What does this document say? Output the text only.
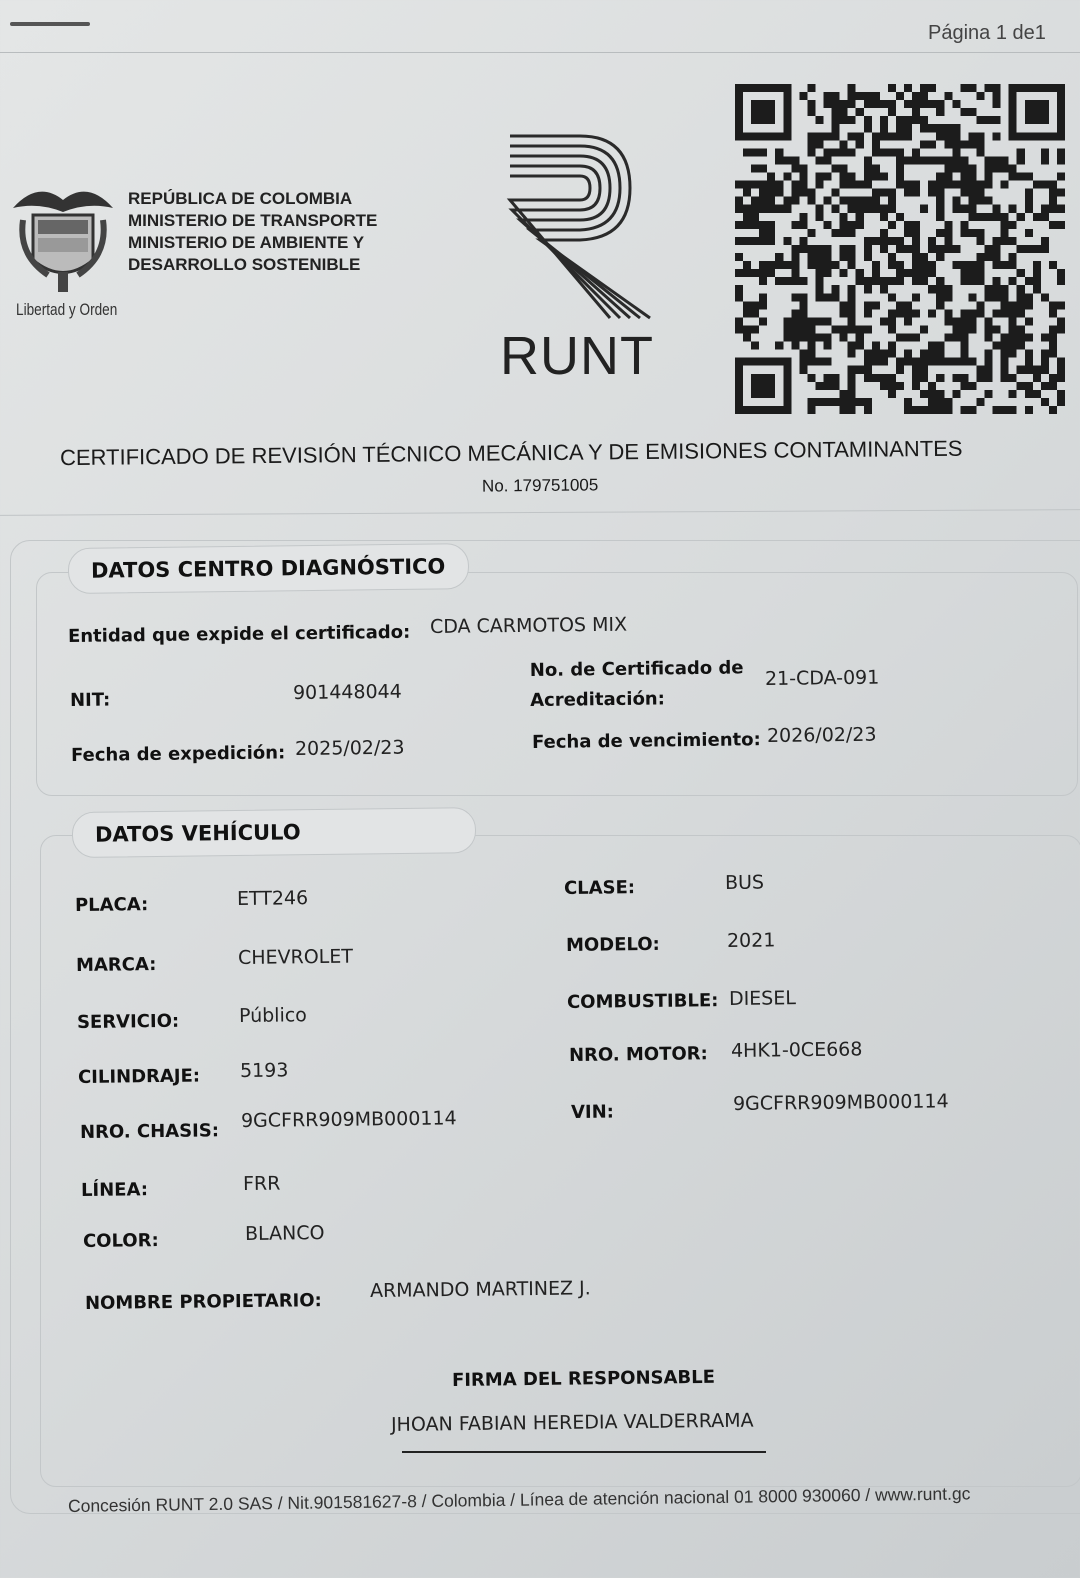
Página 1 de1
Libertad y Orden
REPÚBLICA DE COLOMBIA
MINISTERIO DE TRANSPORTE
MINISTERIO DE AMBIENTE Y
DESARROLLO SOSTENIBLE
RUNT
CERTIFICADO DE REVISIÓN TÉCNICO MECÁNICA Y DE EMISIONES CONTAMINANTES
No. 179751005
DATOS CENTRO DIAGNÓSTICO
Entidad que expide el certificado: CDA CARMOTOS MIX
NIT:	901448044
No. de Certificado de
Acreditación:
21-CDA-091
Fecha de expedición: 2025/02/23	Fecha de vencimiento: 2026/02/23
DATOS VEHÍCULO
PLACA:	ETT246
MARCA:	CHEVROLET
SERVICIO:	Público
CILINDRAJE: 5193
NRO. CHASIS: 9GCFRR909MB000114
LÍNEA:	FRR
COLOR:	BLANCO
CLASE:	BUS
MODELO:	2021
COMBUSTIBLE: DIESEL
NRO. MOTOR: 4HK1-0CE668
VIN:	9GCFRR909MB000114
NOMBRE PROPIETARIO:
ARMANDO MARTINEZ J.
FIRMA DEL RESPONSABLE
JHOAN FABIAN HEREDIA VALDERRAMA
Concesión RUNT 2.0 SAS / Nit.901581627-8 / Colombia / Línea de atención nacional 01 8000 930060 / www.runt.gc
